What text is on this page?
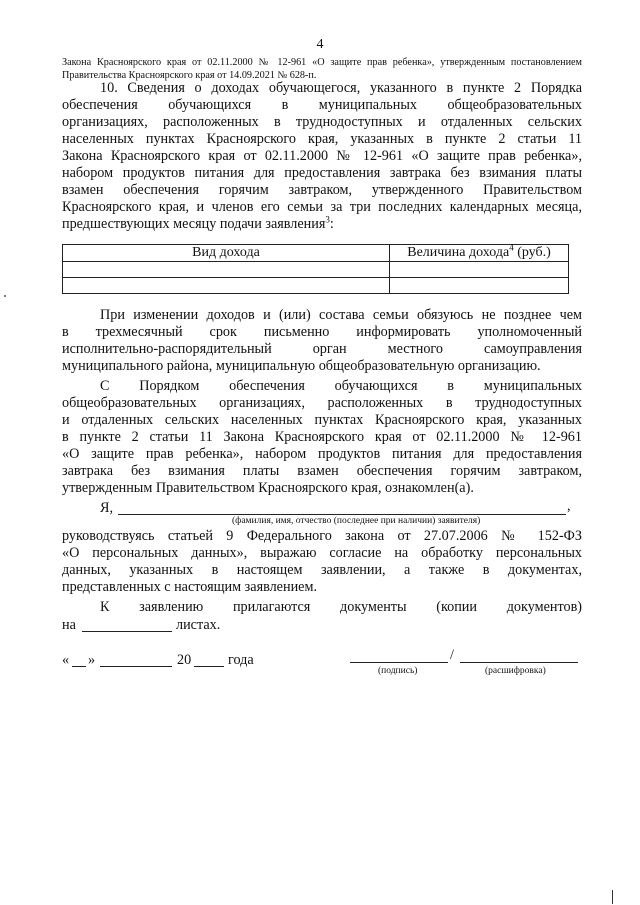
4
Закона Красноярского края от 02.11.2000 № 12-961 «О защите прав ребенка», утвержденным постановлением
Правительства Красноярского края от 14.09.2021 № 628-п.
10. Сведения о доходах обучающегося, указанного в пункте 2 Порядка
обеспечения обучающихся в муниципальных общеобразовательных
организациях, расположенных в труднодоступных и отдаленных сельских
населенных пунктах Красноярского края, указанных в пункте 2 статьи 11
Закона Красноярского края от 02.11.2000 № 12-961 «О защите прав ребенка»,
набором продуктов питания для предоставления завтрака без взимания платы
взамен обеспечения горячим завтраком, утвержденного Правительством
Красноярского края, и членов его семьи за три последних календарных месяца,
предшествующих месяцу подачи заявления$^3$:
Вид дохода	Величина дохода$^4$ (руб.)

При изменении доходов и (или) состава семьи обязуюсь не позднее чем
в трехмесячный срок письменно информировать уполномоченный
исполнительно-распорядительный орган местного самоуправления
муниципального района, муниципальную общеобразовательную организацию.
С Порядком обеспечения обучающихся в муниципальных
общеобразовательных организациях, расположенных в труднодоступных
и отдаленных сельских населенных пунктах Красноярского края, указанных
в пункте 2 статьи 11 Закона Красноярского края от 02.11.2000 № 12-961
«О защите прав ребенка», набором продуктов питания для предоставления
завтрака без взимания платы взамен обеспечения горячим завтраком,
утвержденным Правительством Красноярского края, ознакомлен(а).
Я,	,
(фамилия, имя, отчество (последнее при наличии) заявителя)
руководствуясь статьей 9 Федерального закона от 27.07.2006 № 152-ФЗ
«О персональных данных», выражаю согласие на обработку персональных
данных, указанных в настоящем заявлении, а также в документах,
представленных с настоящим заявлением.
К заявлению прилагаются документы (копии документов)
на	листах.
« »	20	года	/
(подпись)	(расшифровка)
